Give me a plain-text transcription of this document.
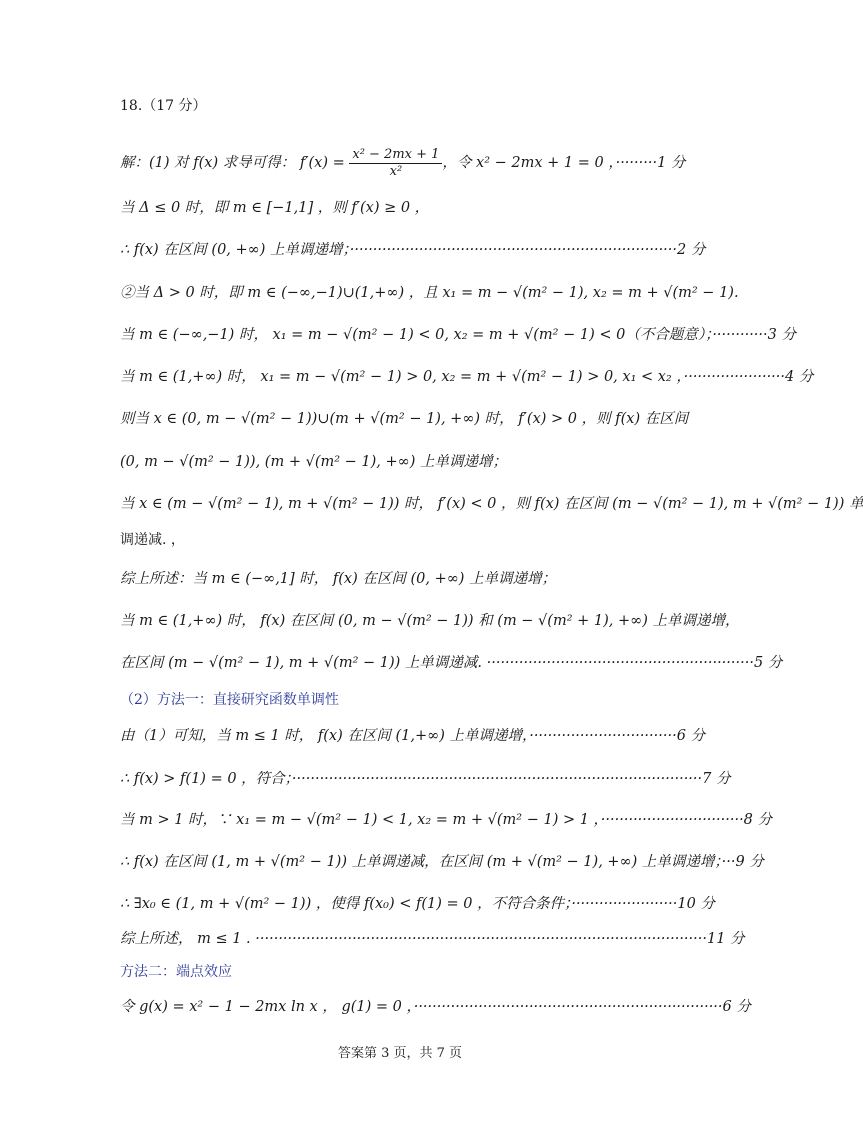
18.（17 分）
解：(1) 对 f(x) 求导可得： $f'(x) = \frac{\text{x² − 2mx + 1}}{\text{x²}}$ ，令 x² − 2mx + 1 = 0 ，·········1 分
当 Δ ≤ 0 时，即 m ∈ [−1,1] ，则 f′(x) ≥ 0 ，
∴ f(x) 在区间 (0, +∞) 上单调递增；·······································································2 分
②当 Δ > 0 时，即 m ∈ (−∞,−1)∪(1,+∞) ，且 x₁ = m − √(m² − 1), x₂ = m + √(m² − 1).
当 m ∈ (−∞,−1) 时， x₁ = m − √(m² − 1) < 0, x₂ = m + √(m² − 1) < 0（不合题意）；············3 分
当 m ∈ (1,+∞) 时， x₁ = m − √(m² − 1) > 0, x₂ = m + √(m² − 1) > 0, x₁ < x₂ ，······················4 分
则当 x ∈ (0, m − √(m² − 1))∪(m + √(m² − 1), +∞) 时， f′(x) > 0 ，则 f(x) 在区间
(0, m − √(m² − 1)), (m + √(m² − 1), +∞) 上单调递增；
当 x ∈ (m − √(m² − 1), m + √(m² − 1)) 时， f′(x) < 0 ，则 f(x) 在区间 (m − √(m² − 1), m + √(m² − 1)) 单
调递减. ，
综上所述：当 m ∈ (−∞,1] 时， f(x) 在区间 (0, +∞) 上单调递增；
当 m ∈ (1,+∞) 时， f(x) 在区间 (0, m − √(m² − 1)) 和 (m − √(m² + 1), +∞) 上单调递增，
在区间 (m − √(m² − 1), m + √(m² − 1)) 上单调递减. ··························································5 分
（2）方法一：直接研究函数单调性
由（1）可知，当 m ≤ 1 时， f(x) 在区间 (1,+∞) 上单调递增，································6 分
∴ f(x) > f(1) = 0 ，符合；·························································································7 分
当 m > 1 时，∵ x₁ = m − √(m² − 1) < 1, x₂ = m + √(m² − 1) > 1 ，·······························8 分
∴ f(x) 在区间 (1, m + √(m² − 1)) 上单调递减，在区间 (m + √(m² − 1), +∞) 上单调递增；···9 分
∴ ∃x₀ ∈ (1, m + √(m² − 1)) ，使得 f(x₀) < f(1) = 0 ，不符合条件；·······················10 分
综上所述， m ≤ 1 . ··································································································11 分
方法二：端点效应
令 g(x) = x² − 1 − 2mx ln x ， g(1) = 0 ，···································································6 分
答案第 3 页，共 7 页
